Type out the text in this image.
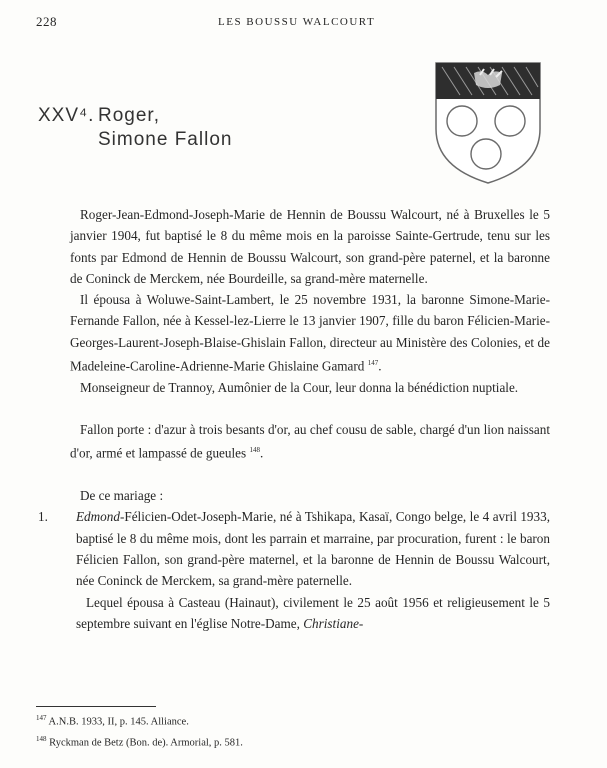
228	LES BOUSSU WALCOURT
XXV⁴. Roger,
Simone Fallon

Roger-Jean-Edmond-Joseph-Marie de Hennin de Boussu Walcourt, né à Bruxelles le 5 janvier 1904, fut baptisé le 8 du même mois en la paroisse Sainte-Gertrude, tenu sur les fonts par Edmond de Hennin de Boussu Walcourt, son grand-père paternel, et la baronne de Coninck de Merckem, née Bourdeille, sa grand-mère maternelle.

Il épousa à Woluwe-Saint-Lambert, le 25 novembre 1931, la baronne Simone-Marie-Fernande Fallon, née à Kessel-lez-Lierre le 13 janvier 1907, fille du baron Félicien-Marie-Georges-Laurent-Joseph-Blaise-Ghislain Fallon, directeur au Ministère des Colonies, et de Madeleine-Caroline-Adrienne-Marie Ghislaine Gamard $^{147}$.

Monseigneur de Trannoy, Aumônier de la Cour, leur donna la bénédiction nuptiale.

Fallon porte : d'azur à trois besants d'or, au chef cousu de sable, chargé d'un lion naissant d'or, armé et lampassé de gueules $^{148}$.

De ce mariage :

1. Edmond-Félicien-Odet-Joseph-Marie, né à Tshikapa, Kasaï, Congo belge, le 4 avril 1933, baptisé le 8 du même mois, dont les parrain et marraine, par procuration, furent : le baron Félicien Fallon, son grand-père maternel, et la baronne de Hennin de Boussu Walcourt, née Coninck de Merckem, sa grand-mère paternelle.

Lequel épousa à Casteau (Hainaut), civilement le 25 août 1956 et religieusement le 5 septembre suivant en l'église Notre-Dame, Christiane-

$^{147}$ A.N.B. 1933, II, p. 145. Alliance.
$^{148}$ Ryckman de Betz (Bon. de). Armorial, p. 581.
